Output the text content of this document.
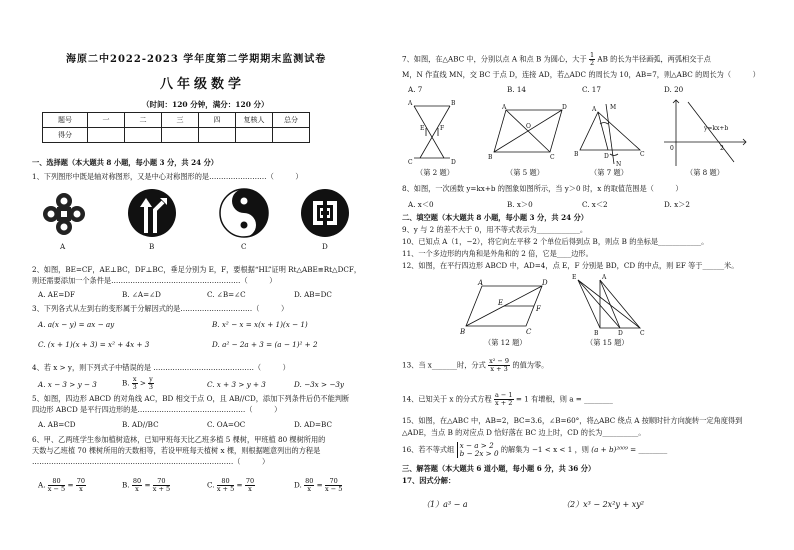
海原二中2022-2023 学年度第二学期期末监测试卷
八年级数学
（时间：120 分钟，满分：120 分）
题号	一	二	三	四	复核人	总分
得分						
一、选择题（本大题共 8 小题，每小题 3 分，共 24 分）
1、下列图形中既是轴对称图形，又是中心对称图形的是……………………（　　　）
A	B	C	D
2、如图，BE=CF，AE⊥BC，DF⊥BC，垂足分别为 E，F，要根据“HL”证明 Rt△ABE≌Rt△DCF，
则还需要添加一个条件是………………………………………………（　　　）
A. AE=DF	B. ∠A=∠D	C. ∠B=∠C	D. AB=DC
3、下列各式从左到右的变形属于分解因式的是…………………………（　　　）
A. a(x − y) = ax − ay	B. x² − x = x(x + 1)(x − 1)
C. (x + 1)(x + 3) = x² + 4x + 3	D. a² − 2a + 3 = (a − 1)² + 2
4、若 x > y，则下列式子中错误的是 ……………………………………（　　　）
A. x − 3 > y − 3	B. $\frac{x}{3} > \frac{y}{3}$	C. x + 3 > y + 3	D. −3x > −3y
5、如图，四边形 ABCD 的对角线 AC，BD 相交于点 O，且 AB//CD，添加下列条件后仍不能判断
四边形 ABCD 是平行四边形的是………………………………………（　　　）
A. AB=CD	B. AD//BC	C. OA=OC	D. AD=BC
6、甲、乙两班学生参加植树造林，已知甲班每天比乙班多植 5 棵树，甲班植 80 棵树所用的
天数与乙班植 70 棵树所用的天数相等，若设甲班每天植树 x 棵，则根据题意列出的方程是
…………………………………………………………………………（　　　）
A. $\frac{80}{x - 5} = \frac{70}{x}$	B. $\frac{80}{x} = \frac{70}{x + 5}$	C. $\frac{80}{x + 5} = \frac{70}{x}$	D. $\frac{80}{x} = \frac{70}{x - 5}$
7、如图，在△ABC 中，分别以点 A 和点 B 为圆心，大于 $\frac{1}{2}$ AB 的长为半径画弧，两弧相交于点
M，N 作直线 MN，交 BC 于点 D，连接 AD，若△ADC 的周长为 10，AB=7，则△ABC 的周长为（　　　）
A. 7	B. 14	C. 17	D. 20
A	B
C	D
E	F
A	D
B	C
O
A
B	C
D
M
N
y=kx+b
0	2
（第 2 题）	（第 5 题）	（第 7 题）	（第 8 题）
8、如图，一次函数 y=kx+b 的图象如图所示，当 y＞0 时，x 的取值范围是（　　　）
A. x＜0	B. x＞0	C. x＜2	D. x＞2
二、填空题（本大题共 8 小题，每小题 3 分，共 24 分）
9、y 与 2 的差不大于 0，用不等式表示为____________。
10、已知点 A（1，−2），将它向左平移 2 个单位后得到点 B，则点 B 的坐标是____________。
11、一个多边形的内角和是外角和的 2 倍，它是____边形。
12、如图，在平行四边形 ABCD 中，AD=4，点 E，F 分别是 BD，CD 的中点，则 EF 等于______米。
A	D
E
F
B	C
E	A
D
B	C
（第 12 题）	（第 15 题）
13、当 x_______时，分式 $\frac{\text{x² − 9}}{x + 3}$ 的值为零。
14、已知关于 x 的分式方程 $\frac{a - 1}{x + 2} = 1$ 有增根，则 a = ________
15、如图，在△ABC 中，AB=2，BC=3.6，∠B=60°，将△ABC 绕点 A 按顺时针方向旋转一定角度得到
△ADE，当点 B 的对应点 D 恰好落在 BC 边上时，CD 的长为__________。
16、若不等式组 x − a > 2
b − 2x > 0 的解集为 −1 < x < 1 ，则 (a + b)²⁰⁰⁹ = ________
三、解答题（本大题共 6 道小题，每小题 6 分，共 36 分）
17、因式分解：
（1）a³ − a	（2）x³ − 2x²y + xy²
